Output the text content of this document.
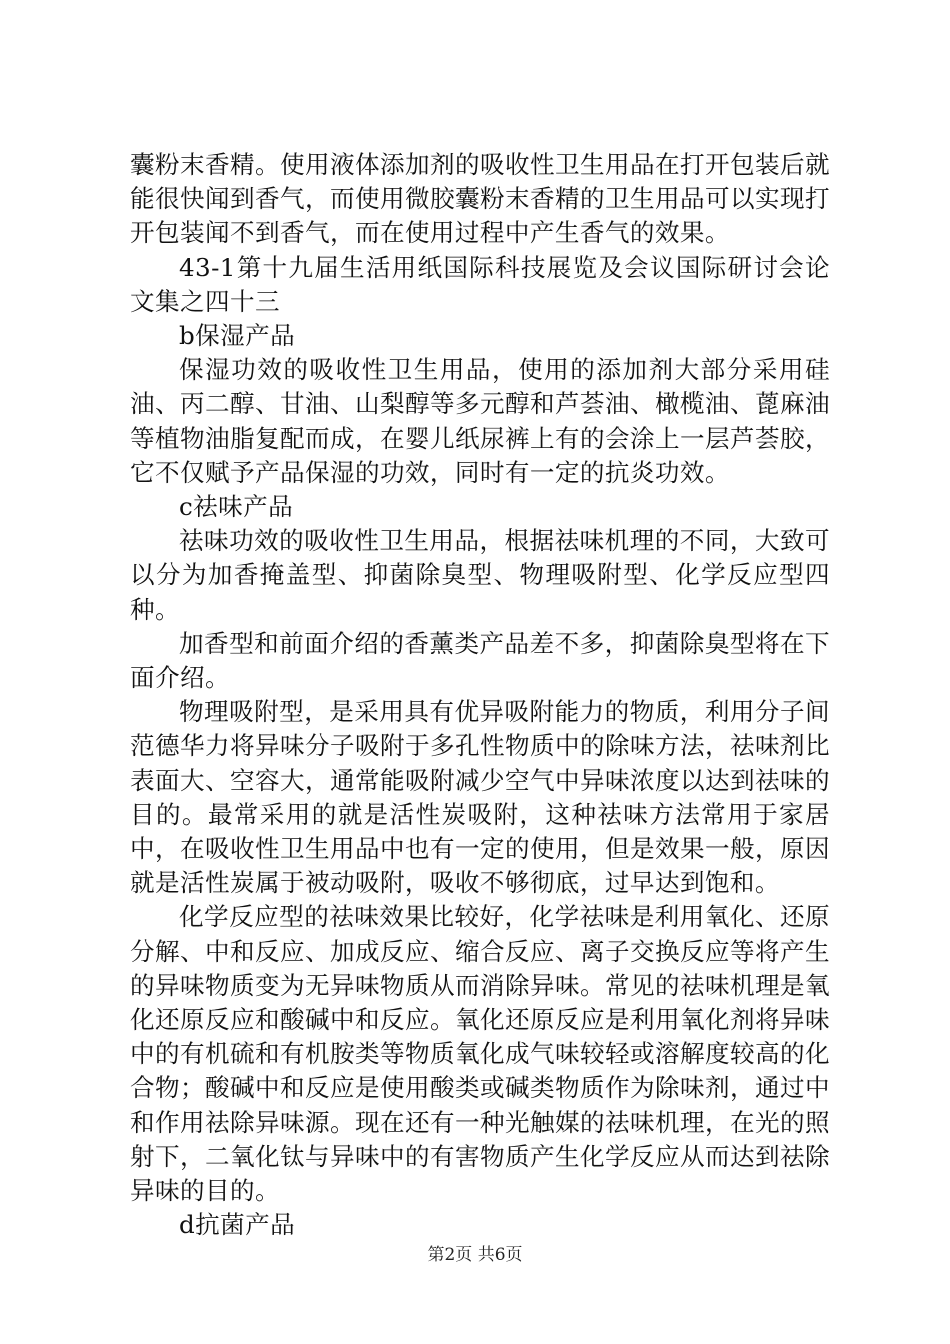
囊粉末香精。使用液体添加剂的吸收性卫生用品在打开包装后就能很快闻到香气，而使用微胶囊粉末香精的卫生用品可以实现打开包装闻不到香气，而在使用过程中产生香气的效果。

43-1第十九届生活用纸国际科技展览及会议国际研讨会论文集之四十三

b保湿产品

保湿功效的吸收性卫生用品，使用的添加剂大部分采用硅油、丙二醇、甘油、山梨醇等多元醇和芦荟油、橄榄油、蓖麻油等植物油脂复配而成，在婴儿纸尿裤上有的会涂上一层芦荟胶，它不仅赋予产品保湿的功效，同时有一定的抗炎功效。

c祛味产品

祛味功效的吸收性卫生用品，根据祛味机理的不同，大致可以分为加香掩盖型、抑菌除臭型、物理吸附型、化学反应型四种。

加香型和前面介绍的香薰类产品差不多，抑菌除臭型将在下面介绍。

物理吸附型，是采用具有优异吸附能力的物质，利用分子间范德华力将异味分子吸附于多孔性物质中的除味方法，祛味剂比表面大、空容大，通常能吸附减少空气中异味浓度以达到祛味的目的。最常采用的就是活性炭吸附，这种祛味方法常用于家居中，在吸收性卫生用品中也有一定的使用，但是效果一般，原因就是活性炭属于被动吸附，吸收不够彻底，过早达到饱和。

化学反应型的祛味效果比较好，化学祛味是利用氧化、还原分解、中和反应、加成反应、缩合反应、离子交换反应等将产生的异味物质变为无异味物质从而消除异味。常见的祛味机理是氧化还原反应和酸碱中和反应。氧化还原反应是利用氧化剂将异味中的有机硫和有机胺类等物质氧化成气味较轻或溶解度较高的化合物；酸碱中和反应是使用酸类或碱类物质作为除味剂，通过中和作用祛除异味源。现在还有一种光触媒的祛味机理，在光的照射下，二氧化钛与异味中的有害物质产生化学反应从而达到祛除异味的目的。

d抗菌产品

第2页 共6页
